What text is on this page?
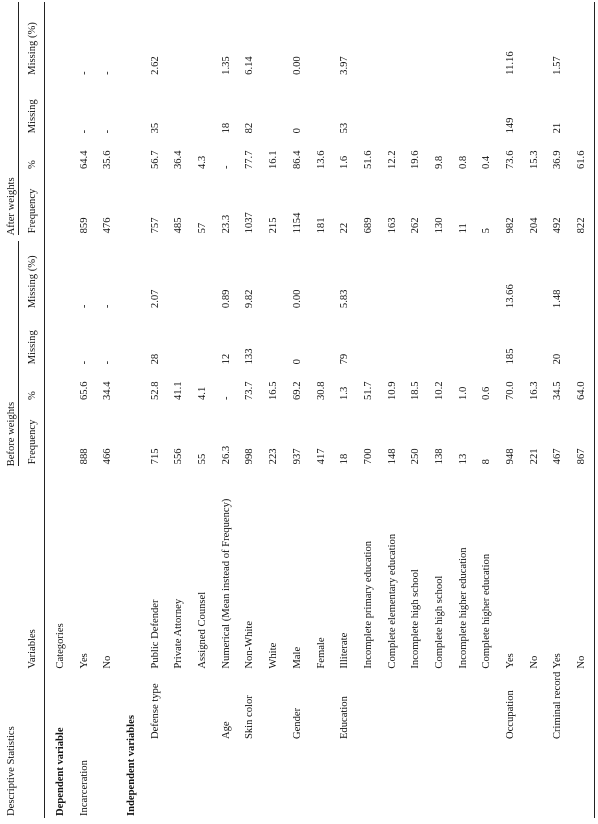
Descriptive Statistics			Before weights				After weights			

		Variables	Frequency	%	Missing	Missing (%)	Frequency	%	Missing	Missing (%)

Dependent variable		Categories								
Incarceration		Yes	888	65.6	-	-	859	64.4	-	-
		No	466	34.4	-	-	476	35.6	-	-
Independent variables										
	Defense type	Public Defender	715	52.8	28	2.07	757	56.7	35	2.62
		Private Attorney	556	41.1			485	36.4		
		Assigned Counsel	55	4.1			57	4.3		
	Age	Numerical (Mean instead of Frequency)	26.3	-	12	0.89	23.3	-	18	1.35
	Skin color	Non-White	998	73.7	133	9.82	1037	77.7	82	6.14
		White	223	16.5			215	16.1		
	Gender	Male	937	69.2	0	0.00	1154	86.4	0	0.00
		Female	417	30.8			181	13.6		
	Education	Illiterate	18	1.3	79	5.83	22	1.6	53	3.97
		Incomplete primary education	700	51.7			689	51.6		
		Complete elementary education	148	10.9			163	12.2		
		Incomplete high school	250	18.5			262	19.6		
		Complete high school	138	10.2			130	9.8		
		Incomplete higher education	13	1.0			11	0.8		
		Complete higher education	8	0.6			5	0.4		
	Occupation	Yes	948	70.0	185	13.66	982	73.6	149	11.16
		No	221	16.3			204	15.3		
	Criminal record	Yes	467	34.5	20	1.48	492	36.9	21	1.57
		No	867	64.0			822	61.6		
